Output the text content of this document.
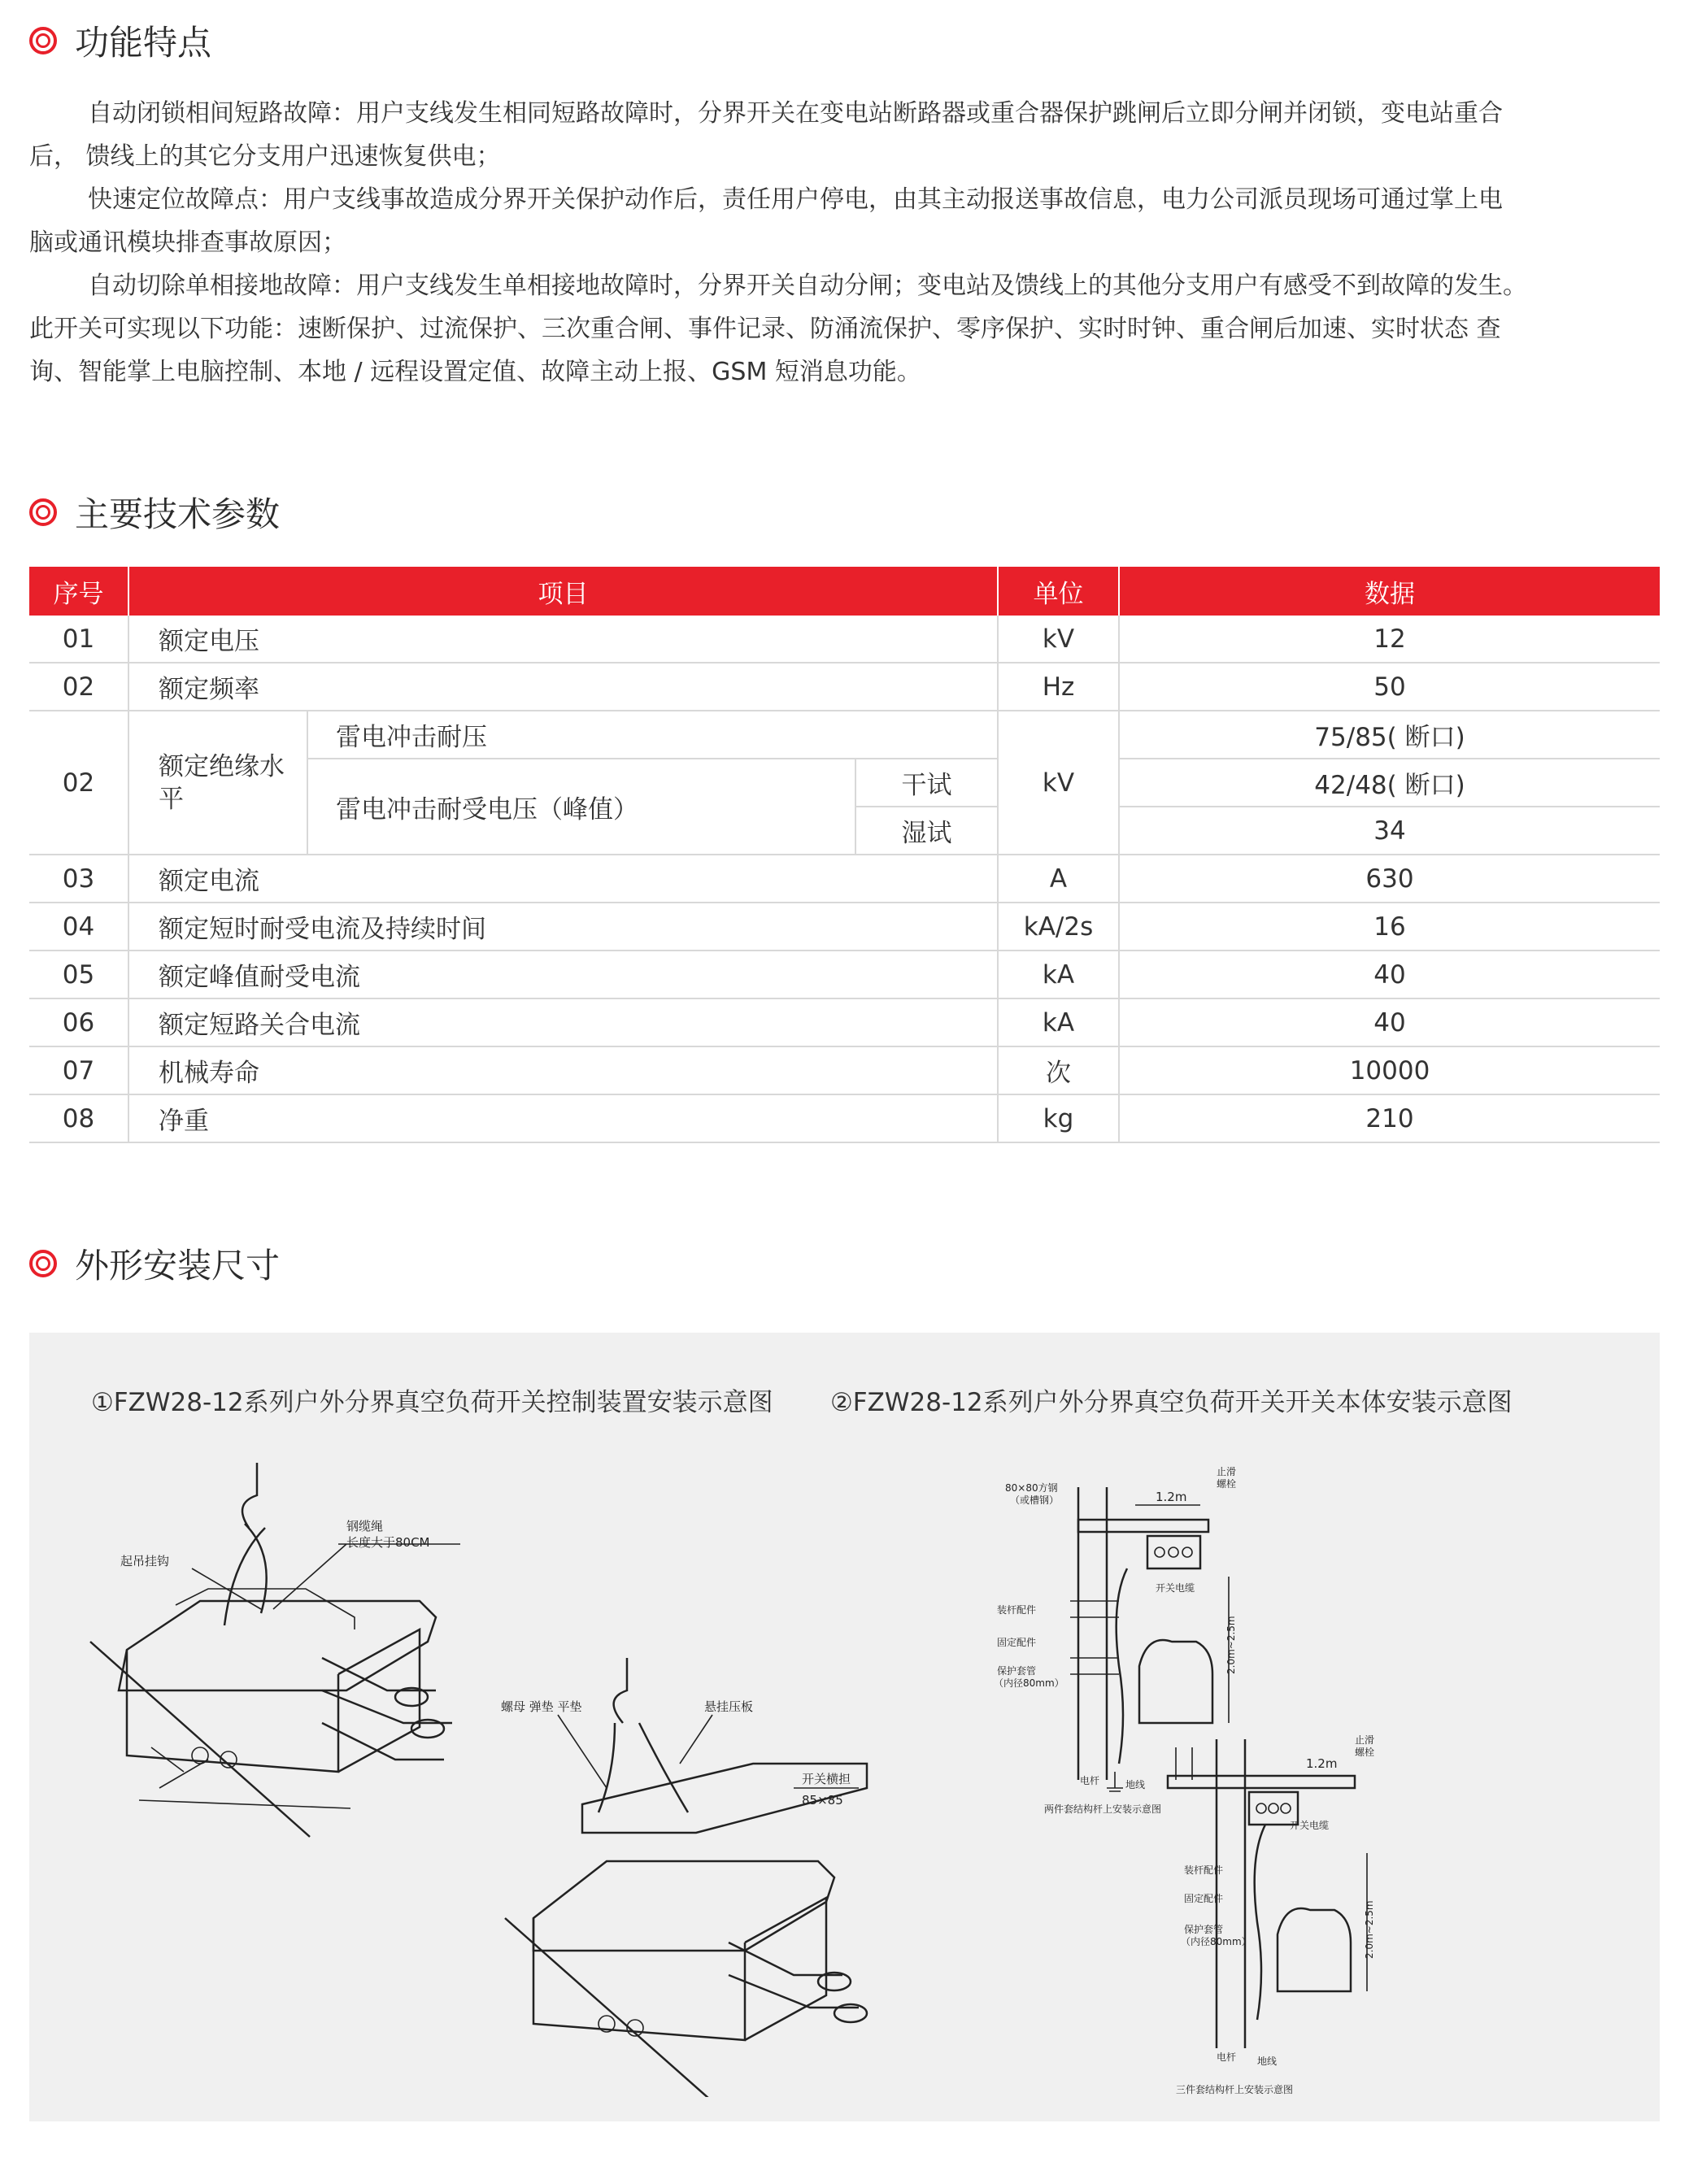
功能特点

自动闭锁相间短路故障：用户支线发生相同短路故障时，分界开关在变电站断路器或重合器保护跳闸后立即分闸并闭锁，变电站重合

后， 馈线上的其它分支用户迅速恢复供电；

快速定位故障点：用户支线事故造成分界开关保护动作后，责任用户停电，由其主动报送事故信息，电力公司派员现场可通过掌上电

脑或通讯模块排查事故原因；

自动切除单相接地故障：用户支线发生单相接地故障时，分界开关自动分闸；变电站及馈线上的其他分支用户有感受不到故障的发生。

此开关可实现以下功能：速断保护、过流保护、三次重合闸、事件记录、防涌流保护、零序保护、实时时钟、重合闸后加速、实时状态 查

询、智能掌上电脑控制、本地 / 远程设置定值、故障主动上报、GSM 短消息功能。

主要技术参数
序号	项目			单位	数据
01	额定电压			kV	12
02	额定频率			Hz	50
02	额定绝缘水平	雷电冲击耐压		kV	75/85( 断口)
		雷电冲击耐受电压（峰值）	干试		42/48( 断口)
			湿试		34
03	额定电流			A	630
04	额定短时耐受电流及持续时间			kA/2s	16
05	额定峰值耐受电流			kA	40
06	额定短路关合电流			kA	40
07	机械寿命			次	10000
08	净重			kg	210
外形安装尺寸
①FZW28-12系列户外分界真空负荷开关控制装置安装示意图 ②FZW28-12系列户外分界真空负荷开关开关本体安装示意图
起吊挂钩
钢缆绳
长度大于80CM
螺母 弹垫 平垫	悬挂压板
开关横担
85×85
80×80方钢
（或槽钢）	1.2m
止滑
螺栓
开关电缆
装杆配件
固定配件
保护套管
（内径80mm）
电杆	地线
2.0m~2.5m
两件套结构杆上安装示意图
1.2m
止滑
螺栓
开关电缆
装杆配件
固定配件
保护套管
（内径80mm）
电杆 地线
2.0m~2.5m
三件套结构杆上安装示意图
